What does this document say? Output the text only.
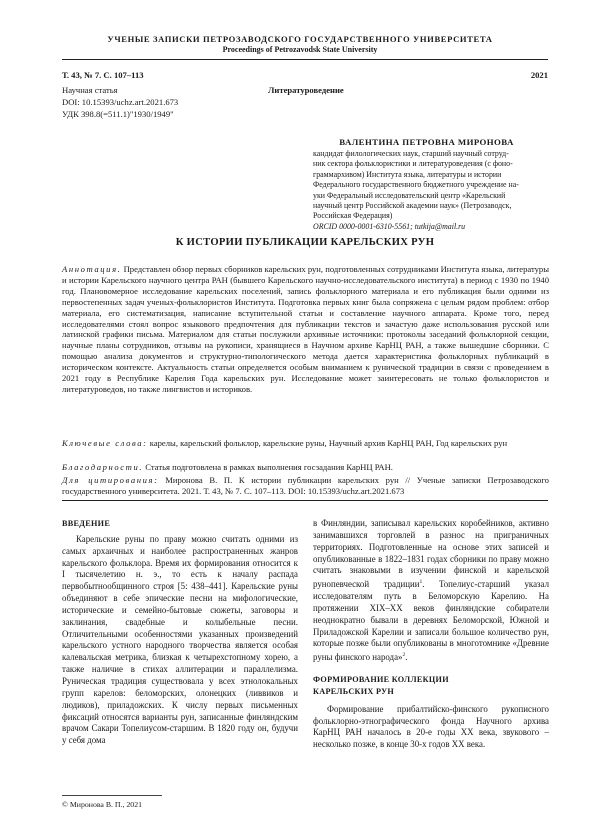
УЧЕНЫЕ ЗАПИСКИ ПЕТРОЗАВОДСКОГО ГОСУДАРСТВЕННОГО УНИВЕРСИТЕТА
Proceedings of Petrozavodsk State University
Т. 43, № 7. С. 107–113	2021
Научная статья	Литературоведение
DOI: 10.15393/uchz.art.2021.673
УДК 398.8(=511.1)"1930/1949"
ВАЛЕНТИНА ПЕТРОВНА МИРОНОВА
кандидат филологических наук, старший научный сотруд-
ник сектора фольклористики и литературоведения (с фоно-
граммархивом) Института языка, литературы и истории
Федерального государственного бюджетного учреждение на-
уки Федеральный исследовательский центр «Карельский
научный центр Российской академии наук» (Петрозаводск,
Российская Федерация)
ORCID 0000-0001-6310-5561; tutkija@mail.ru
К ИСТОРИИ ПУБЛИКАЦИИ КАРЕЛЬСКИХ РУН

Аннотация. Представлен обзор первых сборников карельских рун, подготовленных сотрудниками Института языка, литературы и истории Карельского научного центра РАН (бывшего Карельского научно-исследовательского института) в период с 1930 по 1940 год. Плановомерное исследование карельских поселений, запись фольклорного материала и его публикация были одними из первостепенных задач ученых-фольклористов Института. Подготовка первых книг была сопряжена с целым рядом проблем: отбор материала, его систематизация, написание вступительной статьи и составление научного аппарата. Кроме того, перед исследователями стоял вопрос языкового предпочтения для публикации текстов и зачастую даже использования русской или латинской графики письма. Материалом для статьи послужили архивные источники: протоколы заседаний фольклорной секции, научные планы сотрудников, отзывы на рукописи, хранящиеся в Научном архиве КарНЦ РАН, а также вышедшие сборники. С помощью анализа документов и структурно-типологического метода дается характеристика фольклорных публикаций в историческом контексте. Актуальность статьи определяется особым вниманием к рунической традиции в связи с проведением в 2021 году в Республике Карелия Года карельских рун. Исследование может заинтересовать не только фольклористов и литературоведов, но также лингвистов и историков.

Ключевые слова: карелы, карельский фольклор, карельские руны, Научный архив КарНЦ РАН, Год карельских рун

Благодарности. Статья подготовлена в рамках выполнения госзадания КарНЦ РАН.

Для цитирования: Миронова В. П. К истории публикации карельских рун // Ученые записки Петрозаводского государственного университета. 2021. Т. 43, № 7. С. 107–113. DOI: 10.15393/uchz.art.2021.673

ВВЕДЕНИЕ

Карельские руны по праву можно считать одними из самых архаичных и наиболее распространенных жанров карельского фольклора. Время их формирования относится к I тысячелетию н. э., то есть к началу распада первобытнообщинного строя [5: 438–441]. Карельские руны объединяют в себе эпические песни на мифологические, исторические и семейно-бытовые сюжеты, заговоры и заклинания, свадебные и колыбельные песни. Отличительными особенностями указанных произведений карельского устного народного творчества является особая калевальская метрика, близкая к четырехстопному хорею, а также наличие в стихах аллитерации и параллелизма. Руническая традиция существовала у всех этнолокальных групп карелов: беломорских, олонецких (ливвиков и людиков), приладожских. К числу первых письменных фиксаций относятся варианты рун, записанные финляндским врачом Сакари Топелиусом-старшим. В 1820 году он, будучи у себя дома

в Финляндии, записывал карельских коробейников, активно занимавшихся торговлей в разнос на приграничных территориях. Подготовленные на основе этих записей и опубликованные в 1822–1831 годах сборники по праву можно считать знаковыми в изучении финской и карельской рунопевческой традиции$^1$. Топелиус-старший указал исследователям путь в Беломорскую Карелию. На протяжении XIX–XX веков финляндские собиратели неоднократно бывали в деревнях Беломорской, Южной и Приладожской Карелии и записали большое количество рун, которые позже были опубликованы в многотомнике «Древние руны финского народа»$^2$.

ФОРМИРОВАНИЕ КОЛЛЕКЦИИ
КАРЕЛЬСКИХ РУН

Формирование прибалтийско-финского рукописного фольклорно-этнографического фонда Научного архива КарНЦ РАН началось в 20-е годы XX века, звукового – несколько позже, в конце 30-х годов XX века.

© Миронова В. П., 2021
